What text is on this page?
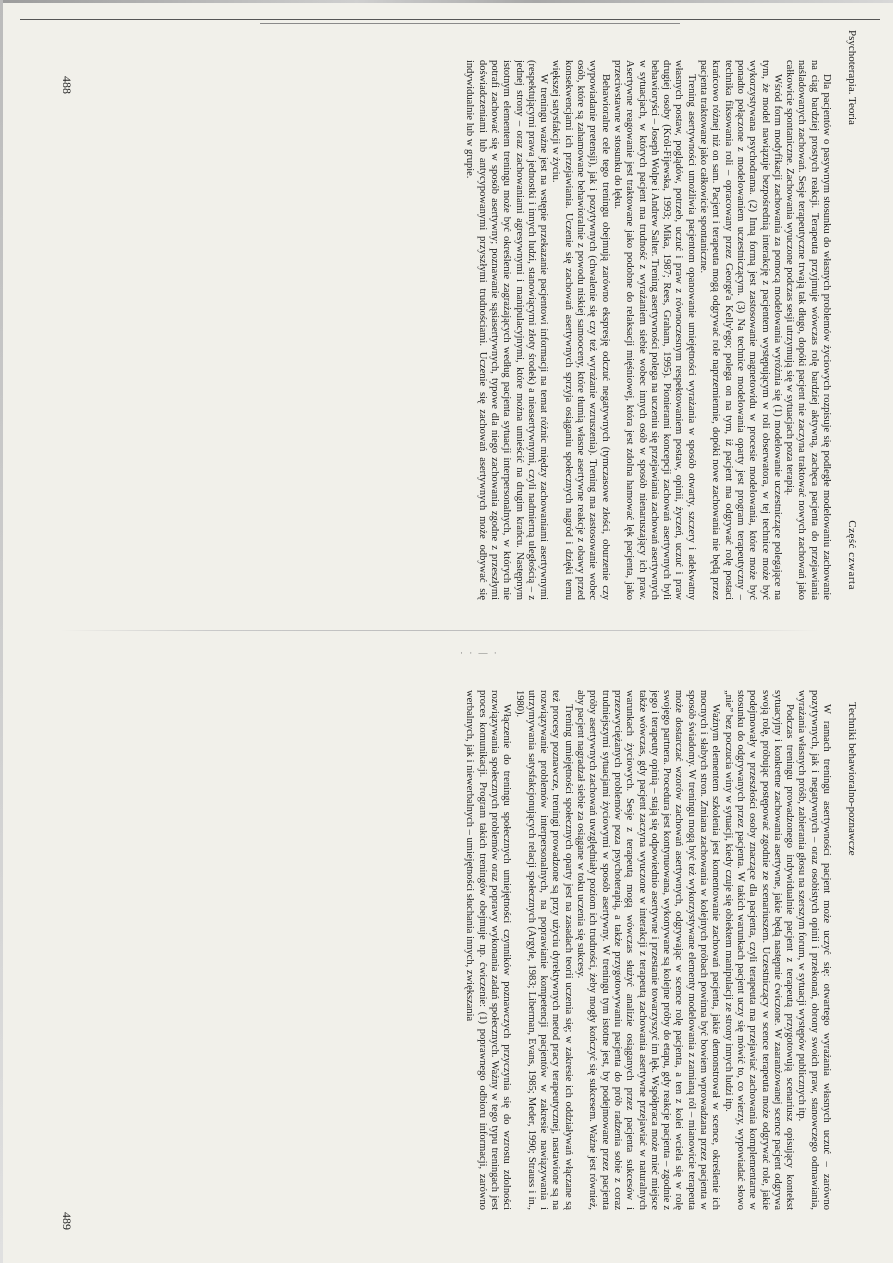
· · — ·
Psychoterapia. Teoria
Część czwarta

Dla pacjentów o pasywnym stosunku do własnych problemów życiowych rozpisuje się podległe modelowaniu zachowanie na ciąg bardziej prostych reakcji. Terapeuta przyjmuje wówczas rolę bardziej aktywną, zachęca pacjenta do przejawiania naśladowanych zachowań. Sesje terapeutyczne trwają tak długo, dopóki pacjent nie zaczyna traktować nowych zachowań jako całkowicie spontaniczne. Zachowania wyuczone podczas sesji utrzymują się w sytuacjach poza terapią.

Wśród form modyfikacji zachowania za pomocą modelowania wyróżnia się (1) modelowanie uczestniczące polegające na tym, że model nawiązuje bezpośrednią interakcję z pacjentem występującym w roli obserwatora, w tej technice może być wykorzystywana psychodrama. (2) Inną formą jest zastosowanie magnetowidu w procesie modelowania, które może być ponadto połączone z modelowaniem uczestniczącym. (3) Na technice modelowania oparty jest program terapeutyczny – technika fiksowania roli – opracowany przez George'a Kelly'ego; polega on na tym, iż pacjent ma odgrywać rolę postaci krańcowo różnej niż on sam. Pacjent i terapeuta mogą odgrywać role naprzemiennie, dopóki nowe zachowania nie będą przez pacjenta traktowane jako całkowicie spontaniczne.

Trening asertywności umożliwia pacjentom opanowanie umiejętności wyrażania w sposób otwarty, szczery i adekwatny własnych postaw, poglądów, potrzeb, uczuć i praw z równoczesnym respektowaniem postaw, opinii, życzeń, uczuć i praw drugiej osoby (Król-Fijewska, 1993; Mika, 1987; Rees, Graham, 1995). Pionierami koncepcji zachowań asertywnych byli behawioryści – Joseph Wolpe i Andrew Salter. Trening asertywności polega na uczeniu się przejawiania zachowań asertywnych w sytuacjach, w których pacjent ma trudność z wyrażaniem siebie wobec innych osób w sposób nienaruszający ich praw. Asertywne reagowanie jest traktowane jako podobne do relaksacji mięśniowej, która jest zdolna hamować lęk pacjenta, jako przeciwstawne w stosunku do lęku.

Behawioralne cele tego treningu obejmują zarówno ekspresję odczuć negatywnych (tymczasowe złości, oburzenie czy wypowiadanie pretensji), jak i pozytywnych (chwalenie się czy też wyrażanie wzruszenia). Trening ma zastosowanie wobec osób, które są zahamowane behawioralnie z powodu niskiej samooceny, które tłumią własne asertywne reakcje z obawy przed konsekwencjami ich przejawiania. Uczenie się zachowań asertywnych sprzyja osiąganiu społecznych nagród i dzięki temu większej satysfakcji w życiu.

W treningu ważne jest na wstępie przekazanie pacjentowi informacji na temat różnic między zachowaniami asertywnymi (respektującymi prawa jednostki i innych ludzi, stanowiącymi złoty środek) a nieasertywnymi, czyli nadmierną uległością – z jednej strony – oraz zachowaniami agresywnymi i manipulacyjnymi, które można umieścić na drugim krańcu. Następnym istotnym elementem treningu może być określenie zagrażających według pacjenta sytuacji interpersonalnych, w których nie potrafi zachować się w sposób asertywny; poznawanie sąsiasertywnych, typowe dla niego zachowania zgodne z przeszłymi doświadczeniami lub antycypowanymi przyszłymi trudnościami. Uczenie się zachowań asertywnych może odbywać się indywidualnie lub w grupie.

488
Techniki behawioralno-poznawcze

W ramach treningu asertywności pacjent może uczyć się: otwartego wyrażania własnych uczuć – zarówno pozytywnych, jak i negatywnych – oraz osobistych opinii i przekonań, obrony swoich praw, stanowczego odmawiania, wyrażania własnych próśb, zabierania głosu na szerszym forum, w sytuacji występów publicznych itp.

Podczas treningu prowadzonego indywidualnie pacjent z terapeutą przygotowują scenariusz opisujący kontekst sytuacyjny i konkretne zachowania asertywne, jakie będą następnie ćwiczone. W zaaranżowanej scence pacjent odgrywa swoją rolę, próbując postępować zgodnie ze scenariuszem. Uczestniczący w scence terapeuta może odgrywać role, jakie podejmowały w przeszłości osoby znaczące dla pacjenta, czyli terapeuta ma przejawiać zachowania komplementarne w stosunku do odgrywanych przez pacjenta. W takich warunkach pacjent uczy się mówić to, co wierzy, wypowiadać słowo „nie” bez poczucia winy w sytuacji, kiedy czuje się obiektem manipulacji ze strony innych ludzi itp.

Ważnym elementem szkolenia jest komentowanie zachowań pacjenta, jakie demonstrował w scence, określenie ich mocnych i słabych stron. Zmiana zachowania w kolejnych próbach powinna być bowiem wprowadzana przez pacjenta w sposób świadomy. W treningu mogą być też wykorzystywane elementy modelowania z zamianą ról – mianowicie terapeuta może dostarczać wzorów zachowań asertywnych, odgrywając w scence rolę pacjenta, a ten z kolei wciela się w rolę swojego partnera. Procedura jest kontynuowana, wykonywane są kolejne próby do etapu, gdy reakcje pacjenta – zgodnie z jego i terapeuty opinią – stają się odpowiednio asertywne i przestanie towarzyszyć im lęk. Współpraca może mieć miejsce także wówczas, gdy pacjent zaczyna wyuczone w interakcji z terapeutą zachowania asertywne przejawiać w naturalnych warunkach życiowych. Sesje z terapeutą mogą wówczas służyć analizie osiąganych przez pacjenta sukcesów i przezwyciężanych problemów poza psychoterapią, a także przygotowywaniu pacjenta do prób radzenia sobie z coraz trudniejszymi sytuacjami życiowymi w sposób asertywny. W treningu tym istotne jest, by podejmowane przez pacjenta próby asertywnych zachowań uwzględniały poziom ich trudności, żeby mogły kończyć się sukcesem. Ważne jest również, aby pacjent nagradzał siebie za osiągane w toku uczenia się sukcesy.

Trening umiejętności społecznych oparty jest na zasadach teorii uczenia się; w zakresie ich oddziaływań włączane są też procesy poznawcze, treningi prowadzone są przy użyciu dyrektywnych metod pracy terapeutycznej, nastawione są na rozwiązywanie problemów interpersonalnych, na poprawianie kompetencji pacjentów w zakresie nawiązywania i utrzymywania satysfakcjonujących relacji społecznych (Argyle, 1983; Liberman, Evans, 1985; Meder, 1990; Strauss i in., 1980).

Włączenie do treningu społecznych umiejętności czynników poznawczych przyczynia się do wzrostu zdolności rozwiązywania społecznych problemów oraz poprawy wykonania zadań społecznych. Ważny w tego typu treningach jest proces komunikacji. Program takich treningów obejmuje np. ćwiczenie: (1) poprawnego odbioru informacji, zarówno werbalnych, jak i niewerbalnych – umiejętności słuchania innych, zwiększania

489
